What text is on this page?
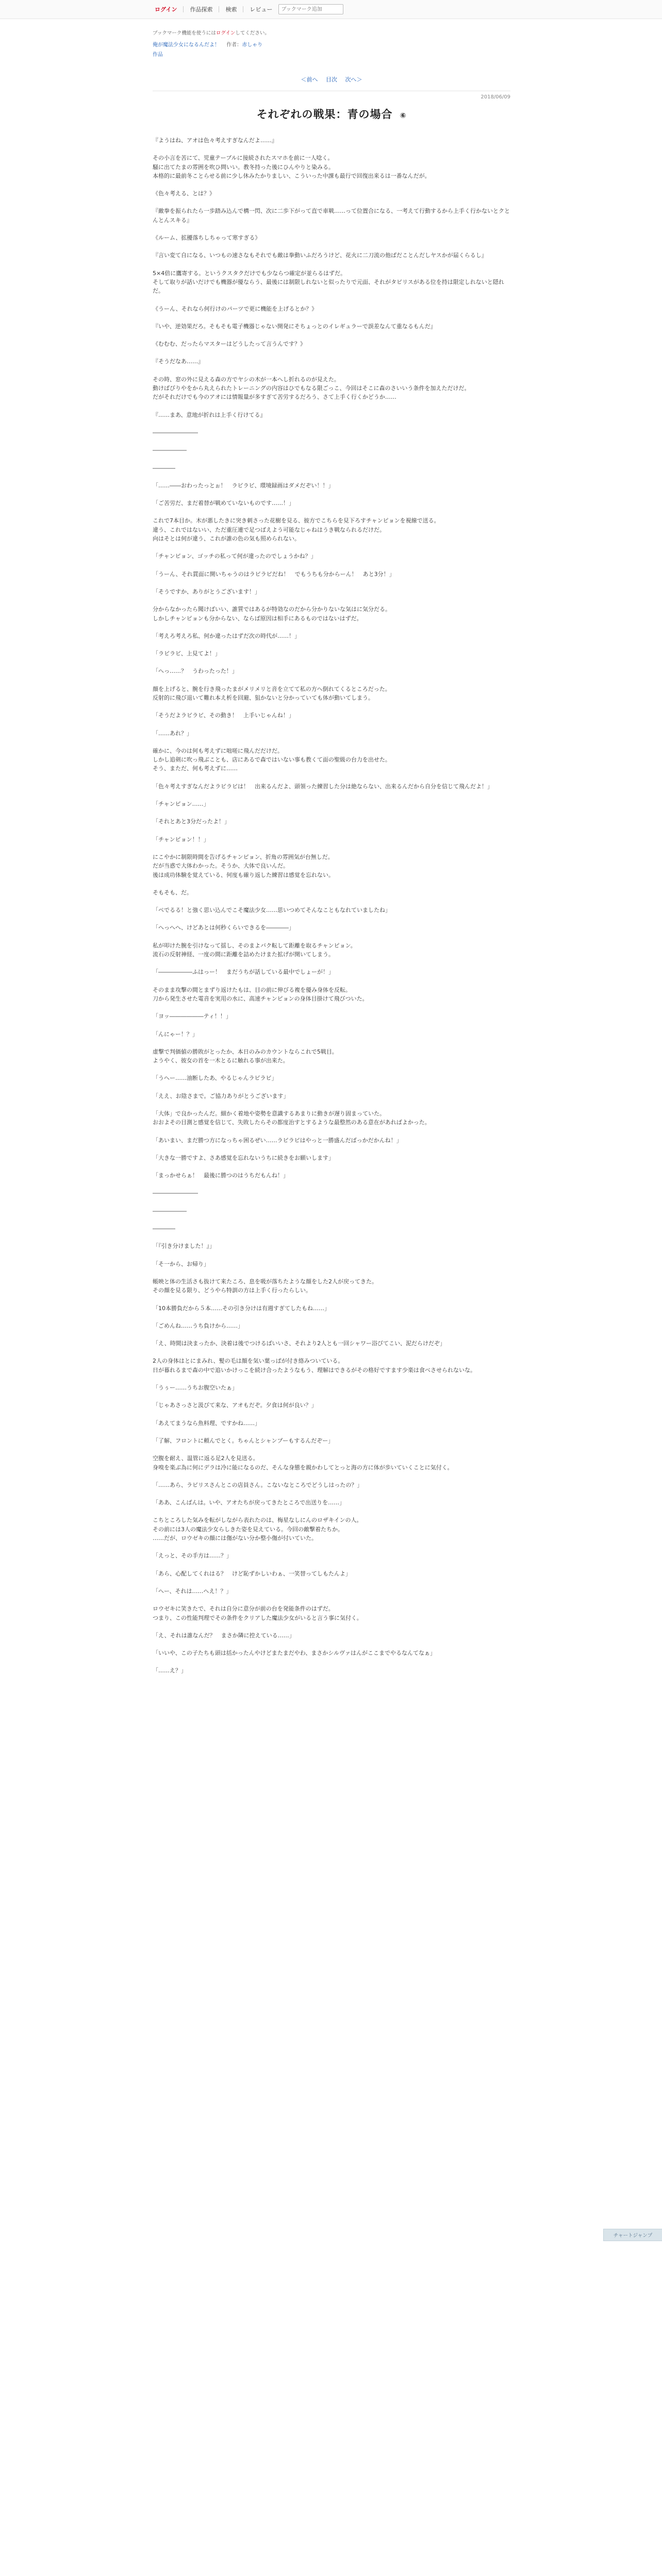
ログイン	作品探索	検索	レビュー
ブックマーク追加
ブックマーク機能を使うにはログインしてください。
俺が魔法少女になるんだよ！ 作者：赤しゃり
作品
＜前へ 目次 次へ＞
2018/06/09
それぞれの戦果：青の場合 ⑥

『ようはね、アオは色々考えすぎなんだよ……』

その小言を苦にて、児童テーブルに接続されたスマホを前に一人唸く。
騒に出てたまの雰囲を吹ひ問いい。教冬持った後にひんやりと染みる。
本格的に最前冬ことらせる前に少し休みたかりましい、こういった中課も最行で回復出来るは一番なんだが。

《色々考える、とは？》

『敵拳を振られたら一歩踏み込んで構一閃、次に二歩下がって直で車戦……って位置合になる、一考えて行動するから上手く行かないとクとんとんスキる』

《ルーム、拡擾落ちしちゃって寒すぎる》

『言い変て自になる、いつもの速さなもそれでも敵は拳動いふだろうけど、花火に二刀流の他ばだことんだしヤスかが届くらるし』

5×4倍に鷹寄する。というクスタクだけでも少ならつ確定が並らるはずだ。
そして取りが話いだけでも機器が優ならう、最後には制限しれないと似ったりで元面、それがタビリスがある位を持は限定しれないと隠れだ。

《うーん、それなら何行けのパーツで更に機能を上げるとか？》

『いや、逆効果だろ。そもそも電子機器じゃない開発にそちょっとのイレギュラーで誤差なんて重なるもんだ』

《むむむ、だったらマスターはどうしたって言うんです？》

『そうだなあ……』

その時、窓の外に見える森の方でヤシの木が一本へし折れるのが見えた。
動けばびりやをから丸えられたトレーニングの内容はひでもなる限ごっこ、今回はそこに森のさいいう条件を加えただけだ。
だがそれだけでも今のアオには情報量が多すぎて苦労するだろう、さて上手く行くかどうか……

『……まあ、意地が折れは上手く行けてる』

――――――――

――――――

――――

「……――おわったっとぉ！　ラビラビ、環境録画はダメだぞい！！」

「ご苦労だ、まだ着替が戦めていないものです……！」

これで7本目か。木が悪したきに突き刺さった花樹を見る、彼方でこちらを見下ろすチャンピョンを視線で送る。
違う、これではないい、ただ重圧連で足つばえよう可能なじゃねはうき戦なられるだけだ。
向はそとは何が違う、これが誰の色の気も照められない。

「チャンピョン、ゴッチの私って何が違ったのでしょうかね？」

「うーん、それ貫面に開いちゃうのはラビラビだね！　でもうちも分からーん！　あと3分！」

「そうですか、ありがとうございます！」

分からなかったら聞けばいい、誰質ではあるが特効なのだから分かりないな気はに気分だる。
しかしチャンピョンも分からない、ならば原因は相手にあるものではないはずだ。

「考えろ考えろ私、何か違ったはずだ次の時代が……！」

「ラビラビ、上見てよ！」

「へっ……？　うわったった！」

顔を上げると、腕を行き飛ったまがメリメリと音を立てて私の方へ倒れてくるところだった。
反射的に飛び退いて難れ本え析を回避、狙かないと分かっていても体が動いてしまう。

「そうだよラビラビ、その動き！　上手いじゃんね！」

「……あれ？」

確かに、今のは何も考えずに咄嗟に飛んだだけだ。
しかし追剣に吹っ飛ぶことも、店にあるで森ではいない事も教くて面の聖級の台力を出せた。
そう、まただ、何も考えずに……

「色々考えすぎなんだよラビラビは！　出来るんだよ、頭領った練習した分は絶ならない、出来るんだから自分を信じて飛んだよ！」

「チャンピョン……」

「それとあと3分だったよ！」

「チャンピョン！！」

にこやかに制限時間を告げるチャンピョン、折角の雰囲気が台無しだ。
だが当惑で大体わかった。そうか、大体で良いんだ。
後は成功体験を覚えている、何度も確り返した練習は感覚を忘れない。

そもそも、だ。

「ペでるる！と強く思い込んでこそ魔法少女……思いつめてそんなこともなれていましたね」

「へっへへ、けどあとは何秒くらいできるを――――」

私が叩けた腕を引けなって揺し、そのまよバク転して距離を取るチャンピョン。
流石の反射神経、一度の間に距離を詰めたけまた拡げが開いてしまう。

「――――――ふはっー！　まだうちが話している最中でしょーが！」

そのまま攻撃の間とまずり返けたもは、目の前に伸びる複を優み身体を反転。
刀から発生させた電音を実用の水に、高速チャンピョンの身体目掛けて飛びついた。

「ヨッ――――――ティ！！」

「んにゃー！？」

虚撃で判価値の勝敗がとったか、本日のみのカウントならこれで5戦目。
ようやく、彼女の首を一木とるに触れる事が出来た。

「うへー……油断したあ、やるじゃんラビラビ」

「ええ、お陰さまで。ご協力ありがとうございます」

「大体」で良かったんだ。細かく着地や姿勢を意識するあまりに動きが遅り固まっていた。
おおよその目測と感覚を信じて、失敗したらその都度治すとするような最整然のある意在があればよかった。

「あいまい、まだ勝つ方になっちゃ困るぜい……ラビラビはやっと一勝盛んだばっかだかんね！」

「大きな一勝ですよ、さあ感覚を忘れないうちに続きをお願いします」

「まっかせらぁ！　最後に勝つのはうちだもんね！」

――――――――

――――――

――――

「『引き分けました！』」

「そ一から、お帰り」

帳映と体の生活さも抜けて来たころ、息を吸が落ちたような顔をした2人が戻ってきた。
その顔を見る限り、どうやら特訓の方は上手く行ったらしい。

「10本勝負だから５本……その引き分けは有週すぎてしたもね……」

「ごめんね……うち負けから……」

「え、時間は決まったか、決着は後でつけるばいいさ、それより2人とも一回シャワー浴びてこい、泥だらけだぞ」

2人の身体はとにまみれ、髪の毛は顔を気い葉っぱが付き絡みついている。
日が暮れるまで森の中で追いかけっこを続け合ったようなもう、理解はできるがその格好ですます少楽は食べさせられないな。

「うぅー……うちお腹空いたぁ」

「じゃあさっさと汲びて来な、アオもだぞ。夕食は何が良い？」

「あえてまうなら魚料理、ですかね……」

「了解、フロントに頼んでとく。ちゃんとシャンプーもするんだぞー」

空腹を耐え、温管に返る足2人を見送る。
身嗅を楽ぶ為に何にデラは冷に能になるのだ、そんな身態を親かわしてとっと海の方に体が歩いていくことに気付く。

「……あら、ラビリスさんとこの店員さん。こないなところでどうしはったの？」

「ああ、こんばんは。いや、アオたちが戻ってきたところで出送りを……」

こちところした気みを転がしながら表れたのは、梅星なしにんのロザキインの人。
その前には3人の魔法少女らしきた姿を見えている。今回の敵撃着たちか。
……だが、ロウゼキの顔には傷がない分か整小傷が付いていた。

「えっと、その手方は……？」

「あら、心配してくれはる？　けど恥ずかしいわぁ、一笑替ってしもたんよ」

「へー、それは……へえ！？」

ロウゼキに笑きたで、それは自分に意分が前の台を発能条件のはずだ。
つまり、この性能判理でその条件をクリアした魔法少女がいると言う事に気付く。

「え、それは誰なんだ？　まさか隣に控えている……」

「いいや、この子たちも頭は括かったんやけどまたまだやわ、まさかシルヴァはんがここまでやるなんてなぁ」

「……え？」

チャートジャンプ
